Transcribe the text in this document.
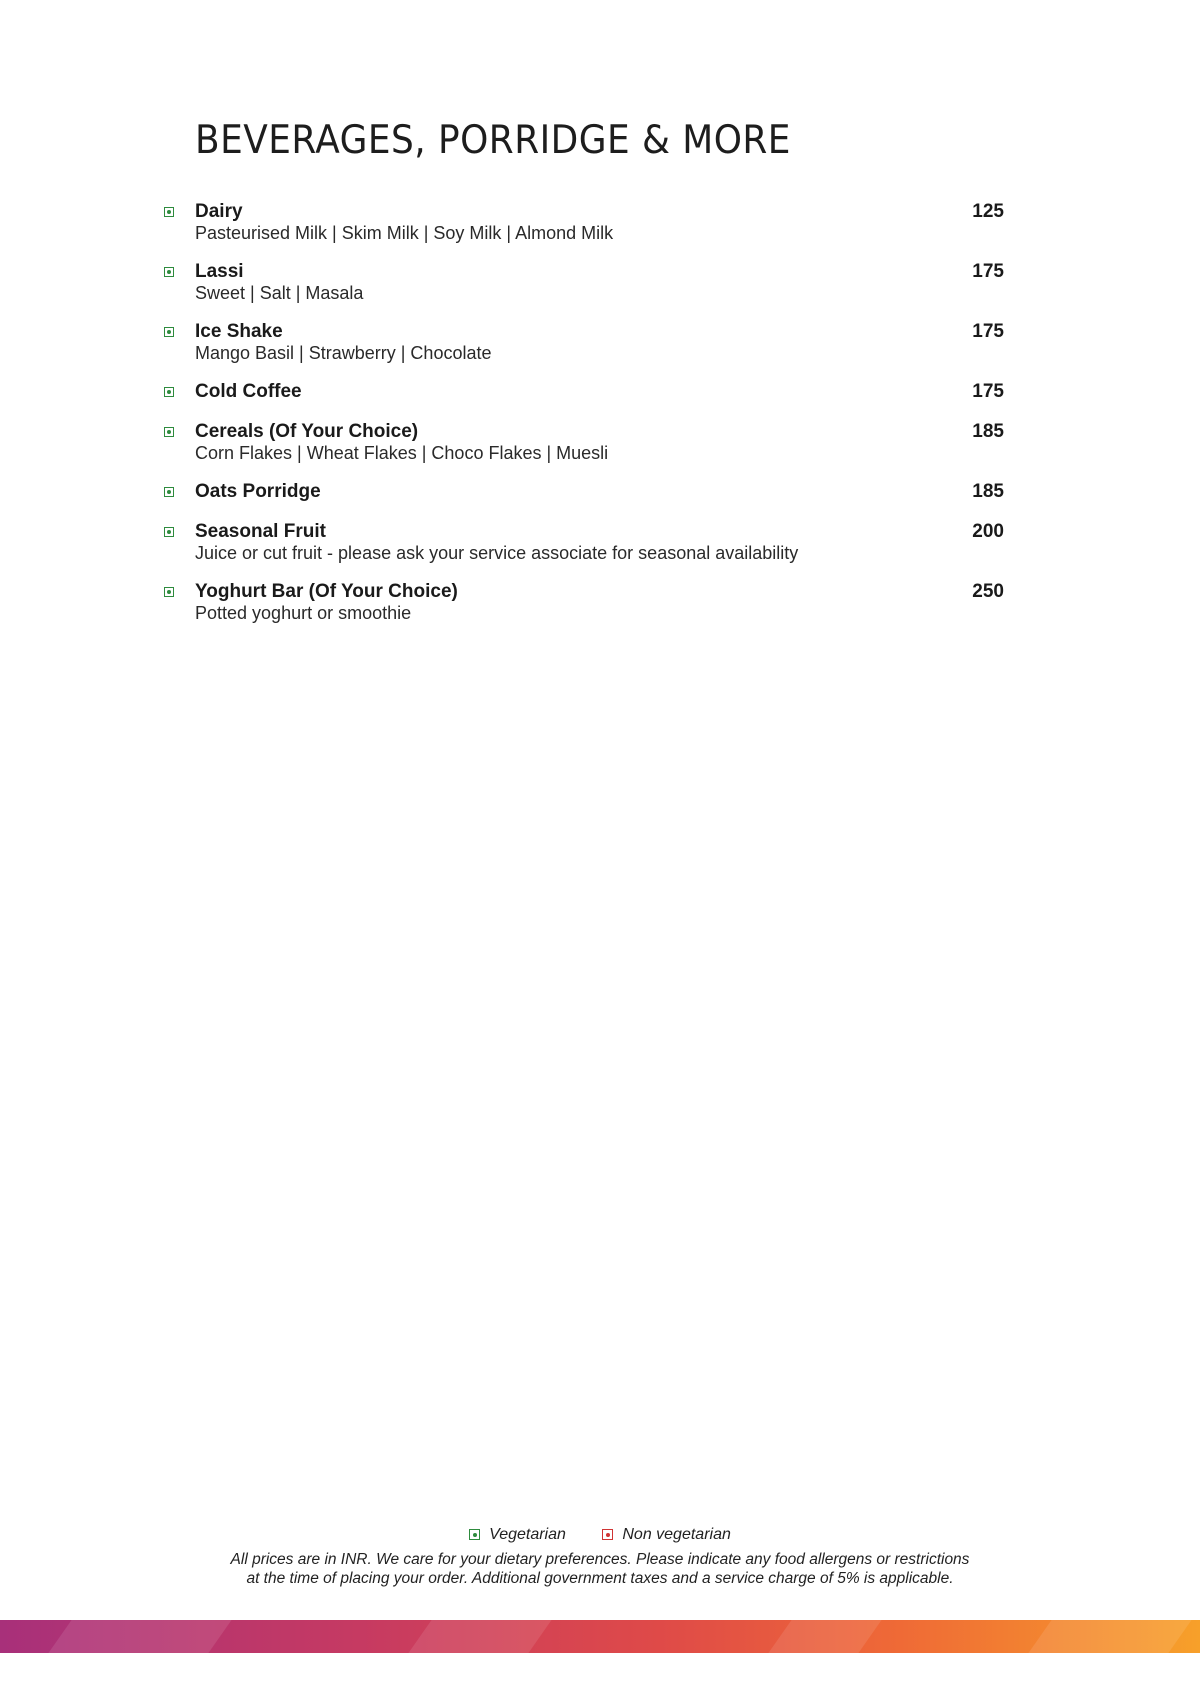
BEVERAGES, PORRIDGE & MORE
Dairy
Pasteurised Milk | Skim Milk | Soy Milk | Almond Milk
125
Lassi
Sweet | Salt | Masala
175
Ice Shake
Mango Basil | Strawberry | Chocolate
175
Cold Coffee	175
Cereals (Of Your Choice)
Corn Flakes | Wheat Flakes | Choco Flakes | Muesli
185
Oats Porridge	185
Seasonal Fruit
Juice or cut fruit - please ask your service associate for seasonal availability
200
Yoghurt Bar (Of Your Choice)
Potted yoghurt or smoothie
250
Vegetarian	Non vegetarian
All prices are in INR. We care for your dietary preferences. Please indicate any food allergens or restrictions
at the time of placing your order. Additional government taxes and a service charge of 5% is applicable.
